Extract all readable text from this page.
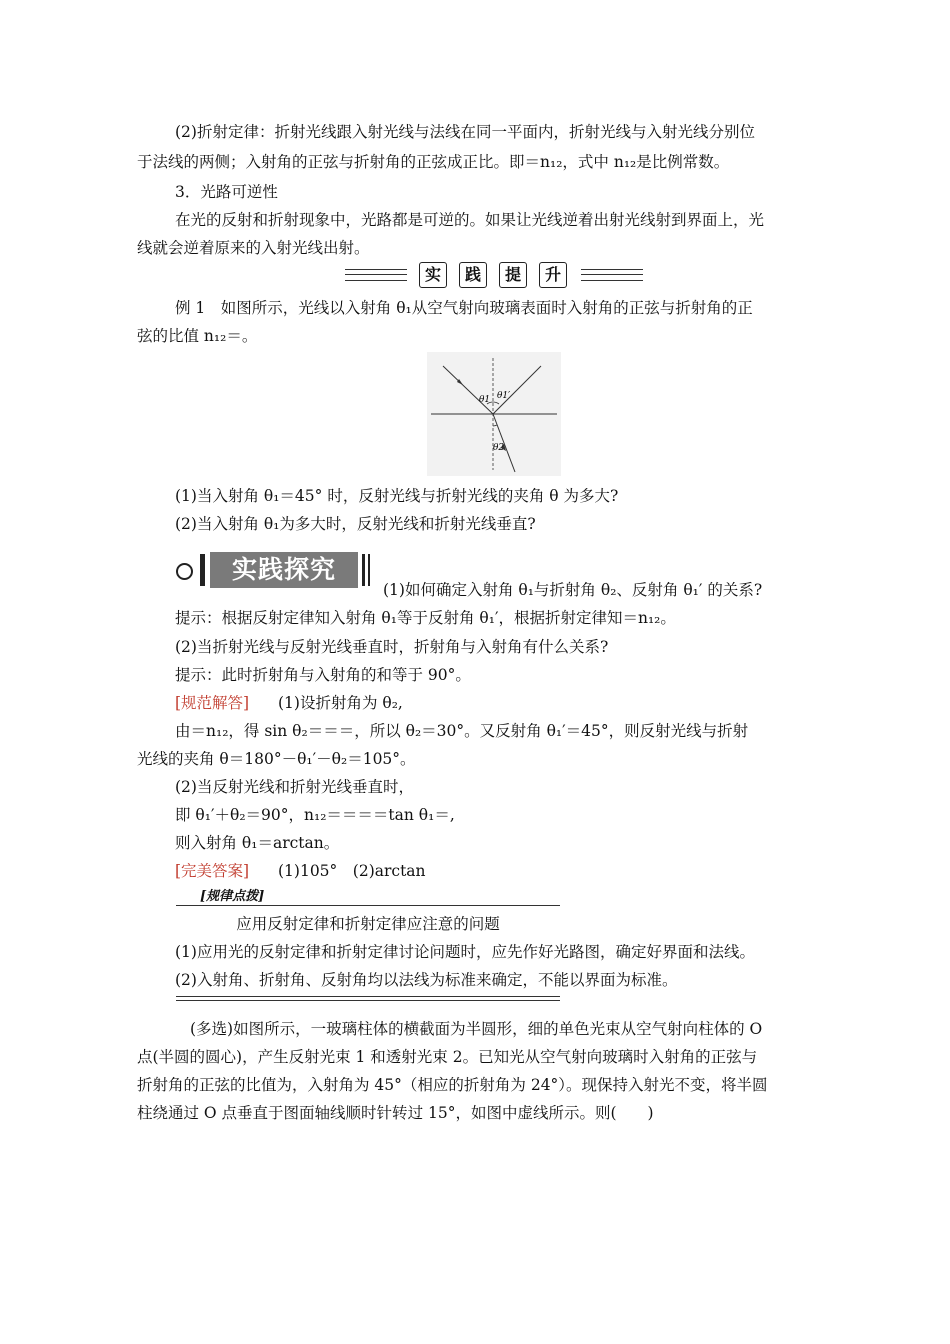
(2)折射定律：折射光线跟入射光线与法线在同一平面内，折射光线与入射光线分别位
于法线的两侧；入射角的正弦与折射角的正弦成正比。即＝n₁₂，式中 n₁₂是比例常数。
3．光路可逆性
在光的反射和折射现象中，光路都是可逆的。如果让光线逆着出射光线射到界面上，光
线就会逆着原来的入射光线出射。
实	践	提	升
例 1　如图所示，光线以入射角 θ₁从空气射向玻璃表面时入射角的正弦与折射角的正
弦的比值 n₁₂＝。
θ1 θ1′
θ2
(1)当入射角 θ₁＝45° 时，反射光线与折射光线的夹角 θ 为多大?
(2)当入射角 θ₁为多大时，反射光线和折射光线垂直?
实践探究
(1)如何确定入射角 θ₁与折射角 θ₂、反射角 θ₁′ 的关系?
提示：根据反射定律知入射角 θ₁等于反射角 θ₁′，根据折射定律知＝n₁₂。
(2)当折射光线与反射光线垂直时，折射角与入射角有什么关系?
提示：此时折射角与入射角的和等于 90°。
[规范解答] (1)设折射角为 θ₂,
由＝n₁₂，得 sin θ₂＝＝＝，所以 θ₂＝30°。又反射角 θ₁′＝45°，则反射光线与折射
光线的夹角 θ＝180°－θ₁′－θ₂＝105°。
(2)当反射光线和折射光线垂直时，
即 θ₁′＋θ₂＝90°，n₁₂＝＝＝＝tan θ₁＝,
则入射角 θ₁＝arctan。
[完美答案] (1)105°　(2)arctan
[规律点拨]
应用反射定律和折射定律应注意的问题
(1)应用光的反射定律和折射定律讨论问题时，应先作好光路图，确定好界面和法线。
(2)入射角、折射角、反射角均以法线为标准来确定，不能以界面为标准。
(多选)如图所示，一玻璃柱体的横截面为半圆形，细的单色光束从空气射向柱体的 O
点(半圆的圆心)，产生反射光束 1 和透射光束 2。已知光从空气射向玻璃时入射角的正弦与
折射角的正弦的比值为，入射角为 45°（相应的折射角为 24°）。现保持入射光不变，将半圆
柱绕通过 O 点垂直于图面轴线顺时针转过 15°，如图中虚线所示。则(　　)
